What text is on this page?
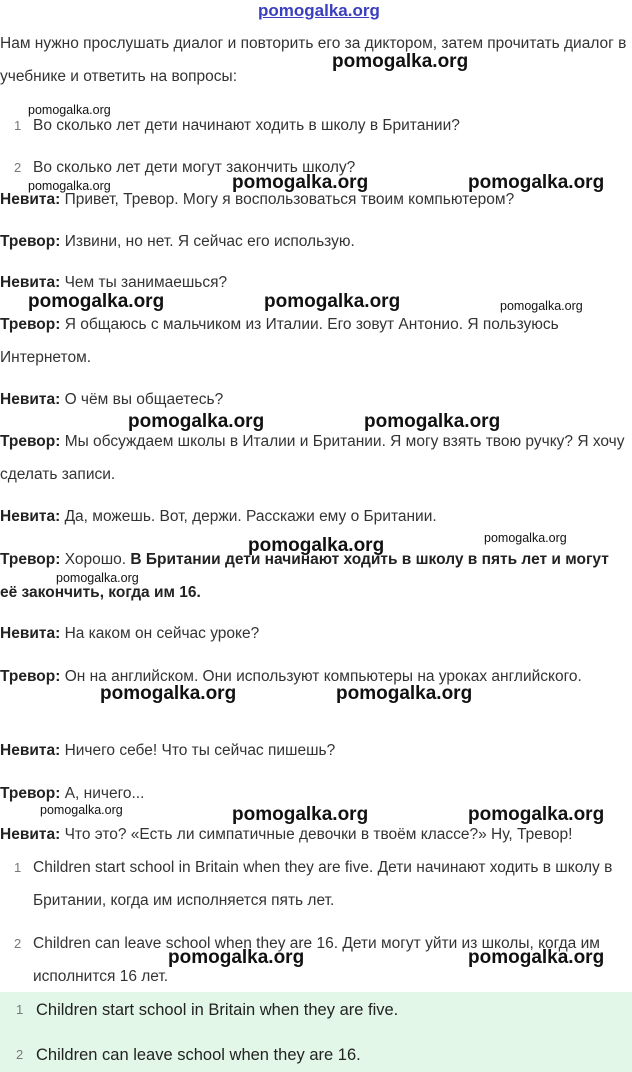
pomogalka.org
Нам нужно прослушать диалог и повторить его за диктором, затем прочитать диалог в учебнике и ответить на вопросы:
1 Во сколько лет дети начинают ходить в школу в Британии?
2 Во сколько лет дети могут закончить школу?
Невита: Привет, Тревор. Могу я воспользоваться твоим компьютером?
Тревор: Извини, но нет. Я сейчас его использую.
Невита: Чем ты занимаешься?
Тревор: Я общаюсь с мальчиком из Италии. Его зовут Антонио. Я пользуюсь Интернетом.
Невита: О чём вы общаетесь?
Тревор: Мы обсуждаем школы в Италии и Британии. Я могу взять твою ручку? Я хочу сделать записи.
Невита: Да, можешь. Вот, держи. Расскажи ему о Британии.
Тревор: Хорошо. В Британии дети начинают ходить в школу в пять лет и могут её закончить, когда им 16.
Невита: На каком он сейчас уроке?
Тревор: Он на английском. Они используют компьютеры на уроках английского.
Невита: Ничего себе! Что ты сейчас пишешь?
Тревор: А, ничего...
Невита: Что это? «Есть ли симпатичные девочки в твоём классе?» Ну, Тревор!
1 Children start school in Britain when they are five. Дети начинают ходить в школу в Британии, когда им исполняется пять лет.
2 Children can leave school when they are 16. Дети могут уйти из школы, когда им исполнится 16 лет.
1 Children start school in Britain when they are five.
2 Children can leave school when they are 16.
pomogalka.org
pomogalka.org
pomogalka.org	pomogalka.org	pomogalka.org
pomogalka.org	pomogalka.org	pomogalka.org
pomogalka.org	pomogalka.org
pomogalka.org
pomogalka.org
pomogalka.org
pomogalka.org	pomogalka.org
pomogalka.org	pomogalka.org	pomogalka.org
pomogalka.org	pomogalka.org
